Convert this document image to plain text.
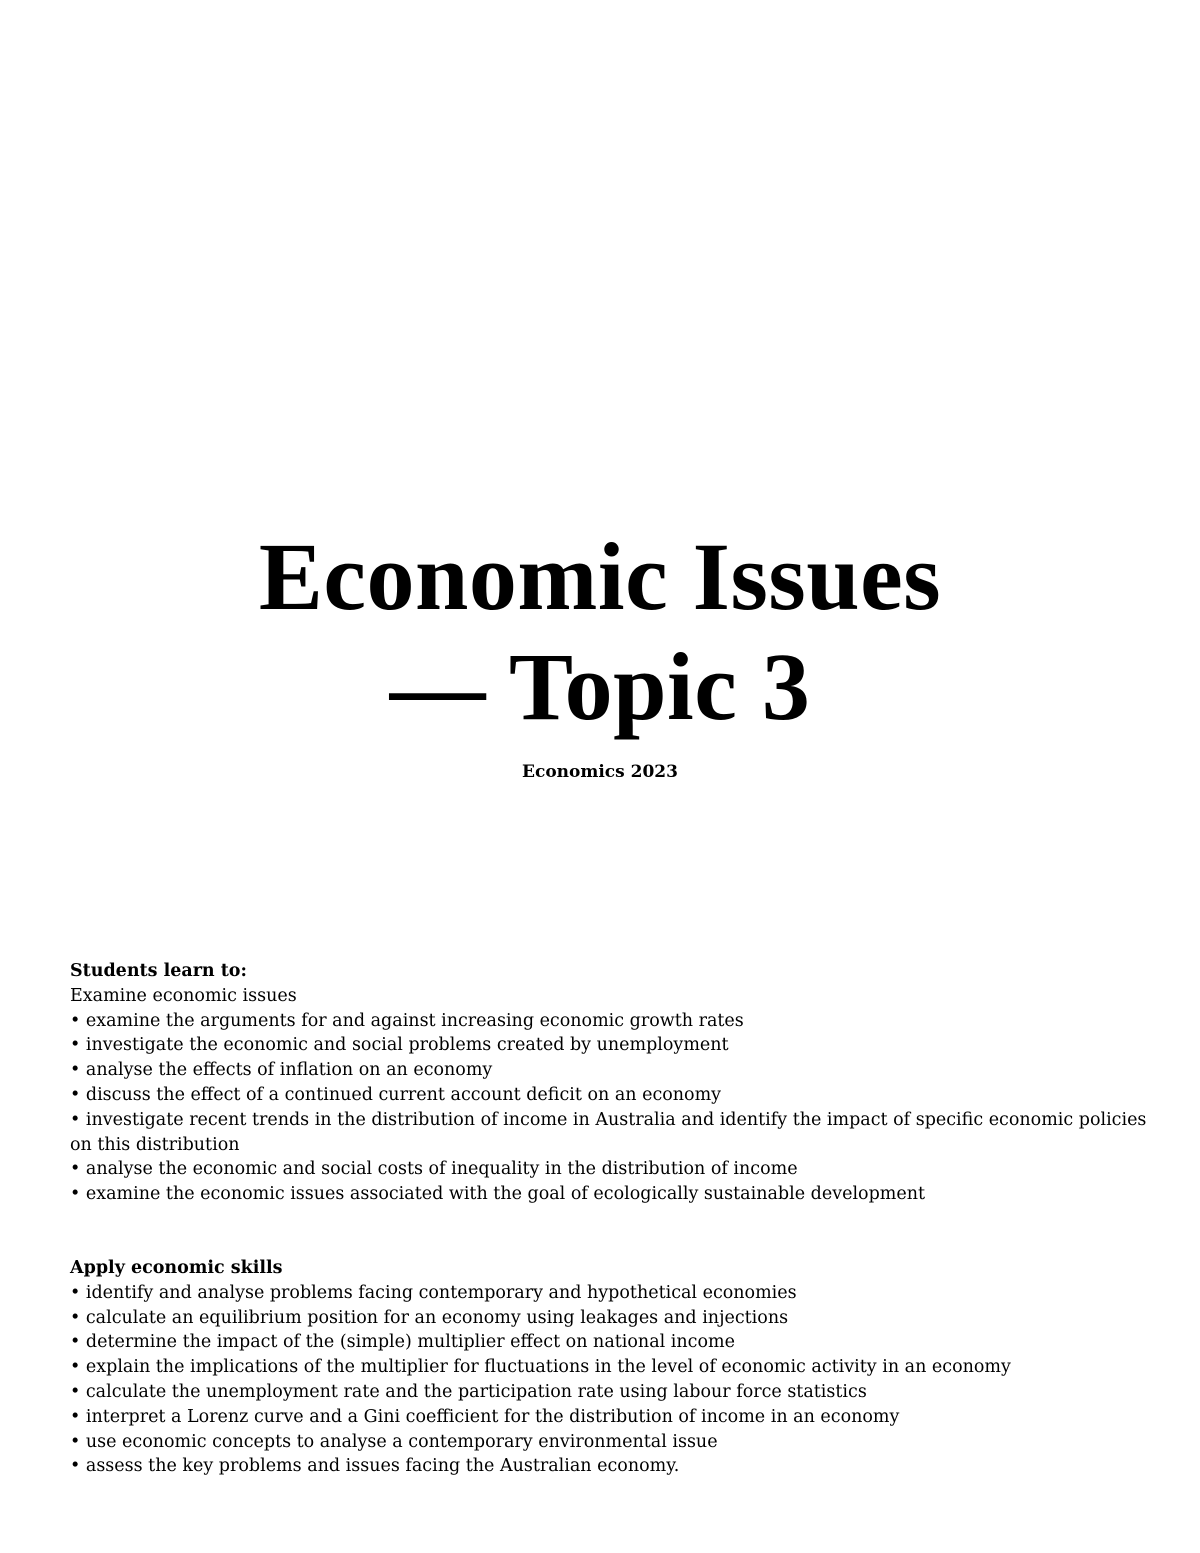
Economic Issues
— Topic 3
Economics 2023
Students learn to:
Examine economic issues
• examine the arguments for and against increasing economic growth rates
• investigate the economic and social problems created by unemployment
• analyse the effects of inflation on an economy
• discuss the effect of a continued current account deficit on an economy
• investigate recent trends in the distribution of income in Australia and identify the impact of specific economic policies on this distribution
• analyse the economic and social costs of inequality in the distribution of income
• examine the economic issues associated with the goal of ecologically sustainable development
Apply economic skills
• identify and analyse problems facing contemporary and hypothetical economies
• calculate an equilibrium position for an economy using leakages and injections
• determine the impact of the (simple) multiplier effect on national income
• explain the implications of the multiplier for fluctuations in the level of economic activity in an economy
• calculate the unemployment rate and the participation rate using labour force statistics
• interpret a Lorenz curve and a Gini coefficient for the distribution of income in an economy
• use economic concepts to analyse a contemporary environmental issue
• assess the key problems and issues facing the Australian economy.
